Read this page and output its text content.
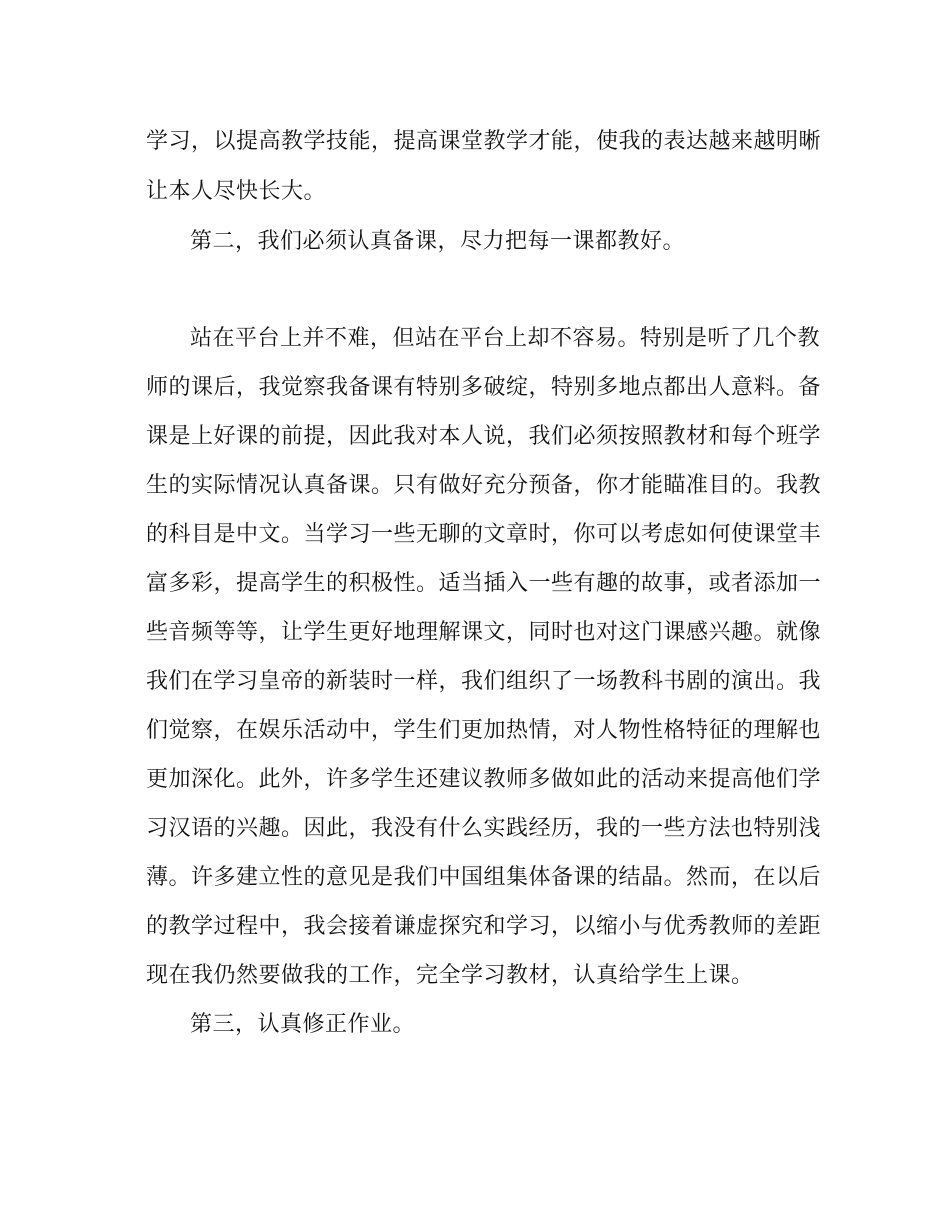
学习，以提高教学技能，提高课堂教学才能，使我的表达越来越明晰
让本人尽快长大。
第二，我们必须认真备课，尽力把每一课都教好。
站在平台上并不难，但站在平台上却不容易。特别是听了几个教
师的课后，我觉察我备课有特别多破绽，特别多地点都出人意料。备
课是上好课的前提，因此我对本人说，我们必须按照教材和每个班学
生的实际情况认真备课。只有做好充分预备，你才能瞄准目的。我教
的科目是中文。当学习一些无聊的文章时，你可以考虑如何使课堂丰
富多彩，提高学生的积极性。适当插入一些有趣的故事，或者添加一
些音频等等，让学生更好地理解课文，同时也对这门课感兴趣。就像
我们在学习皇帝的新装时一样，我们组织了一场教科书剧的演出。我
们觉察，在娱乐活动中，学生们更加热情，对人物性格特征的理解也
更加深化。此外，许多学生还建议教师多做如此的活动来提高他们学
习汉语的兴趣。因此，我没有什么实践经历，我的一些方法也特别浅
薄。许多建立性的意见是我们中国组集体备课的结晶。然而，在以后
的教学过程中，我会接着谦虚探究和学习，以缩小与优秀教师的差距
现在我仍然要做我的工作，完全学习教材，认真给学生上课。
第三，认真修正作业。
